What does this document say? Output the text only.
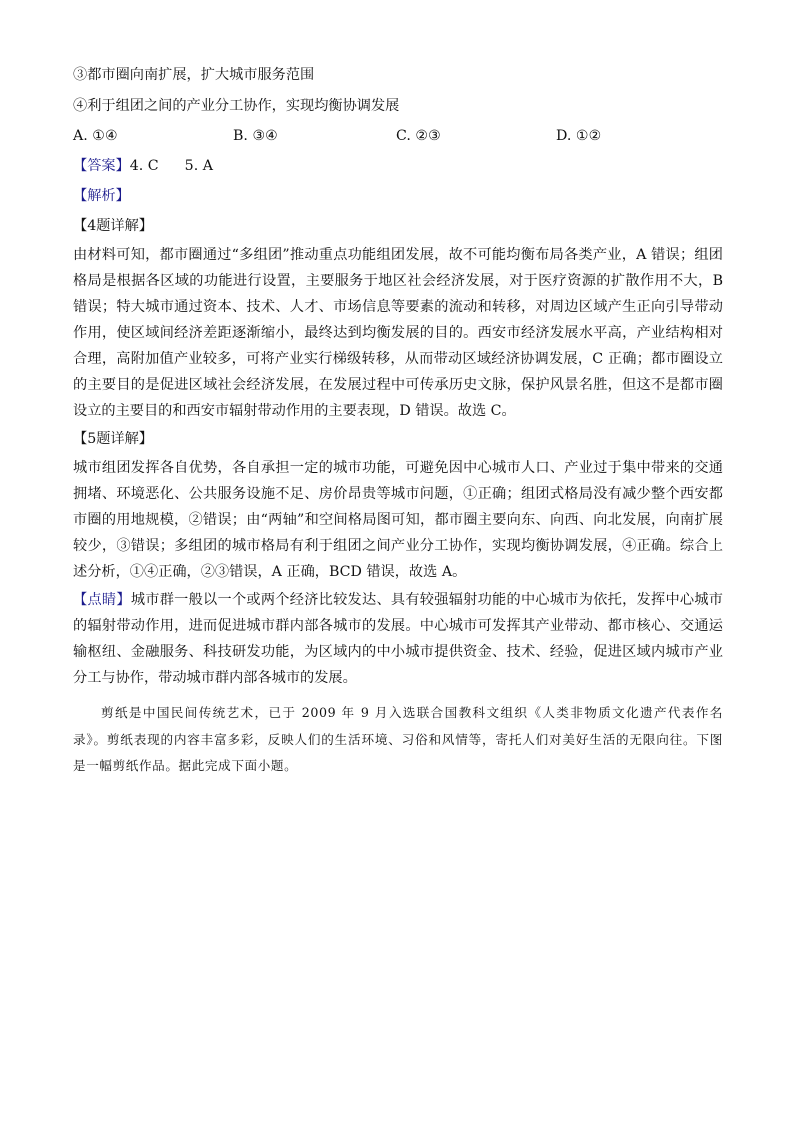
③都市圈向南扩展，扩大城市服务范围
④利于组团之间的产业分工协作，实现均衡协调发展
A. ①④	B. ③④	C. ②③	D. ①②
【答案】4. C 5. A
【解析】
【4题详解】
由材料可知，都市圈通过“多组团”推动重点功能组团发展，故不可能均衡布局各类产业，A 错误；组团格局是根据各区域的功能进行设置，主要服务于地区社会经济发展，对于医疗资源的扩散作用不大，B 错误；特大城市通过资本、技术、人才、市场信息等要素的流动和转移，对周边区域产生正向引导带动作用，使区域间经济差距逐渐缩小，最终达到均衡发展的目的。西安市经济发展水平高，产业结构相对合理，高附加值产业较多，可将产业实行梯级转移，从而带动区域经济协调发展，C 正确；都市圈设立的主要目的是促进区域社会经济发展，在发展过程中可传承历史文脉，保护风景名胜，但这不是都市圈设立的主要目的和西安市辐射带动作用的主要表现，D 错误。故选 C。
【5题详解】
城市组团发挥各自优势，各自承担一定的城市功能，可避免因中心城市人口、产业过于集中带来的交通拥堵、环境恶化、公共服务设施不足、房价昂贵等城市问题，①正确；组团式格局没有减少整个西安都市圈的用地规模，②错误；由“两轴”和空间格局图可知，都市圈主要向东、向西、向北发展，向南扩展较少，③错误；多组团的城市格局有利于组团之间产业分工协作，实现均衡协调发展，④正确。综合上述分析，①④正确，②③错误，A 正确，BCD 错误，故选 A。
【点睛】城市群一般以一个或两个经济比较发达、具有较强辐射功能的中心城市为依托，发挥中心城市的辐射带动作用，进而促进城市群内部各城市的发展。中心城市可发挥其产业带动、都市核心、交通运输枢纽、金融服务、科技研发功能，为区域内的中小城市提供资金、技术、经验，促进区域内城市产业分工与协作，带动城市群内部各城市的发展。
剪纸是中国民间传统艺术，已于 2009 年 9 月入选联合国教科文组织《人类非物质文化遗产代表作名录》。剪纸表现的内容丰富多彩，反映人们的生活环境、习俗和风情等，寄托人们对美好生活的无限向往。下图是一幅剪纸作品。据此完成下面小题。
